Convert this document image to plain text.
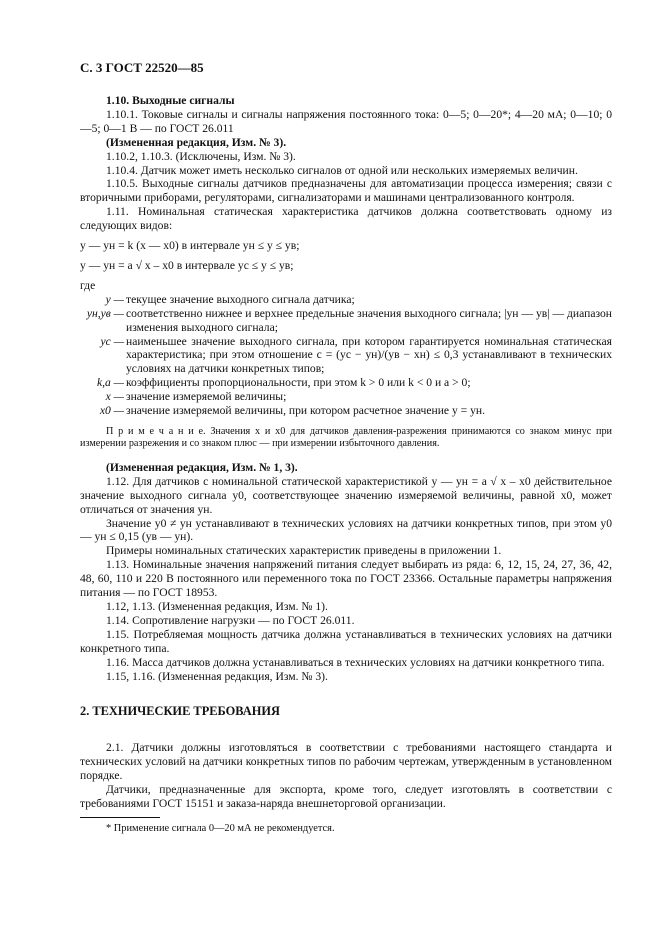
С. 3 ГОСТ 22520—85

1.10. Выходные сигналы

1.10.1. Токовые сигналы и сигналы напряжения постоянного тока: 0—5; 0—20*; 4—20 мА; 0—10; 0—5; 0—1 В — по ГОСТ 26.011

(Измененная редакция, Изм. № 3).

1.10.2, 1.10.3. (Исключены, Изм. № 3).

1.10.4. Датчик может иметь несколько сигналов от одной или нескольких измеряемых величин.

1.10.5. Выходные сигналы датчиков предназначены для автоматизации процесса измерения; связи с вторичными приборами, регуляторами, сигнализаторами и машинами централизованного контроля.

1.11. Номинальная статическая характеристика датчиков должна соответствовать одному из следующих видов:

y — yн = k (x — x0) в интервале yн ≤ y ≤ yв;

y — yн = a √ x – x0 в интервале yс ≤ y ≤ yв;

где

y — текущее значение выходного сигнала датчика;
yн,yв — соответственно нижнее и верхнее предельные значения выходного сигнала; |yн — yв| — диапазон изменения выходного сигнала;
yс — наименьшее значение выходного сигнала, при котором гарантируется номинальная статическая характеристика; при этом отношение c = (yс − yн)/(yв − xн) ≤ 0,3 устанавливают в технических условиях на датчики конкретных типов;
k,a — коэффициенты пропорциональности, при этом k > 0 или k < 0 и a > 0;
x — значение измеряемой величины;
x0 — значение измеряемой величины, при котором расчетное значение y = yн.

П р и м е ч а н и е. Значения x и x0 для датчиков давления-разрежения принимаются со знаком минус при измерении разрежения и со знаком плюс — при измерении избыточного давления.

(Измененная редакция, Изм. № 1, 3).

1.12. Для датчиков с номинальной статической характеристикой y — yн = a √ x – x0 действительное значение выходного сигнала y0, соответствующее значению измеряемой величины, равной x0, может отличаться от значения yн.

Значение y0 ≠ yн устанавливают в технических условиях на датчики конкретных типов, при этом y0 — yн ≤ 0,15 (yв — yн).

Примеры номинальных статических характеристик приведены в приложении 1.

1.13. Номинальные значения напряжений питания следует выбирать из ряда: 6, 12, 15, 24, 27, 36, 42, 48, 60, 110 и 220 В постоянного или переменного тока по ГОСТ 23366. Остальные параметры напряжения питания — по ГОСТ 18953.

1.12, 1.13. (Измененная редакция, Изм. № 1).

1.14. Сопротивление нагрузки — по ГОСТ 26.011.

1.15. Потребляемая мощность датчика должна устанавливаться в технических условиях на датчики конкретного типа.

1.16. Масса датчиков должна устанавливаться в технических условиях на датчики конкретного типа.

1.15, 1.16. (Измененная редакция, Изм. № 3).

2. ТЕХНИЧЕСКИЕ ТРЕБОВАНИЯ

2.1. Датчики должны изготовляться в соответствии с требованиями настоящего стандарта и технических условий на датчики конкретных типов по рабочим чертежам, утвержденным в установленном порядке.

Датчики, предназначенные для экспорта, кроме того, следует изготовлять в соответствии с требованиями ГОСТ 15151 и заказа-наряда внешнеторговой организации.

* Применение сигнала 0—20 мА не рекомендуется.
